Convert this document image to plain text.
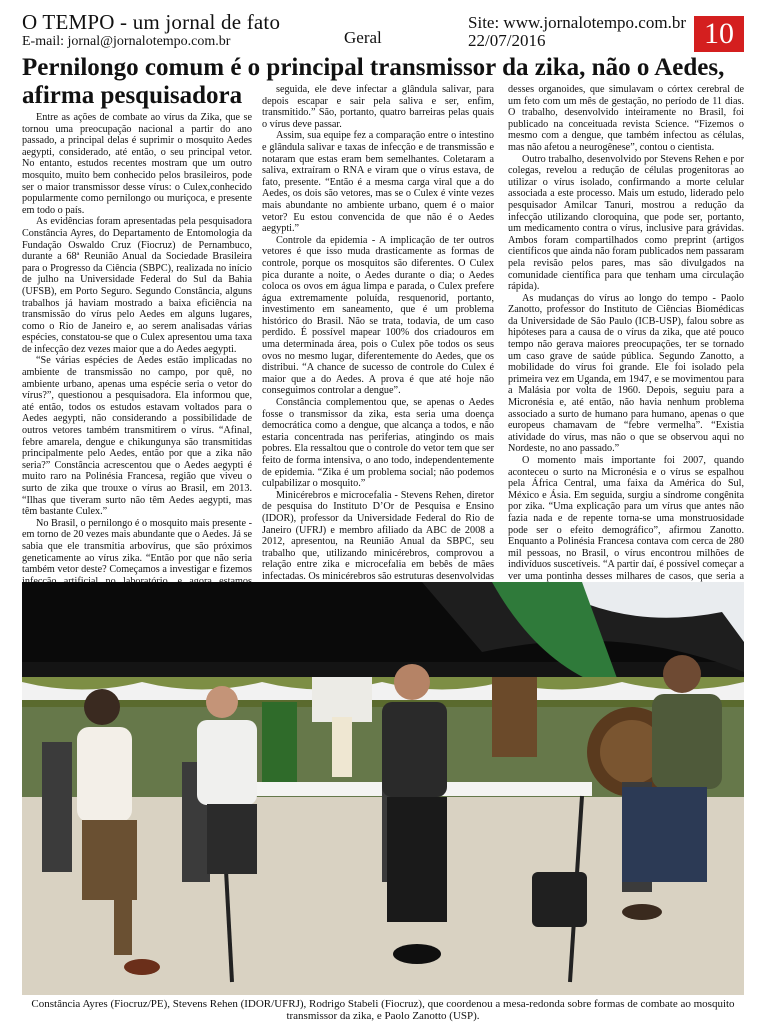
O TEMPO - um jornal de fato
E-mail: jornal@jornalotempo.com.br	Geral
Site: www.jornalotempo.com.br
22/07/2016	10
Pernilongo comum é o principal transmissor da zika, não o Aedes,
afirma pesquisadora

Entre as ações de combate ao vírus da Zika, que se tornou uma preocupação nacional a partir do ano passado, a principal delas é suprimir o mosquito Aedes aegypti, considerado, até então, o seu principal vetor. No entanto, estudos recentes mostram que um outro mosquito, muito bem conhecido pelos brasileiros, pode ser o maior transmissor desse vírus: o Culex,conhecido popularmente como pernilongo ou muriçoca, e presente em todo o país.

As evidências foram apresentadas pela pesquisadora Constância Ayres, do Departamento de Entomologia da Fundação Oswaldo Cruz (Fiocruz) de Pernambuco, durante a 68ª Reunião Anual da Sociedade Brasileira para o Progresso da Ciência (SBPC), realizada no início de julho na Universidade Federal do Sul da Bahia (UFSB), em Porto Seguro. Segundo Constância, alguns trabalhos já haviam mostrado a baixa eficiência na transmissão do vírus pelo Aedes em alguns lugares, como o Rio de Janeiro e, ao serem analisadas várias espécies, constatou-se que o Culex apresentou uma taxa de infecção dez vezes maior que a do Aedes aegypti.

“Se várias espécies de Aedes estão implicadas no ambiente de transmissão no campo, por quê, no ambiente urbano, apenas uma espécie seria o vetor do vírus?”, questionou a pesquisadora. Ela informou que, até então, todos os estudos estavam voltados para o Aedes aegypti, não considerando a possibilidade de outros vetores também transmitirem o vírus. “Afinal, febre amarela, dengue e chikungunya são transmitidas principalmente pelo Aedes, então por que a zika não seria?” Constância acrescentou que o Aedes aegypti é muito raro na Polinésia Francesa, região que viveu o surto de zika que trouxe o vírus ao Brasil, em 2013. “Ilhas que tiveram surto não têm Aedes aegypti, mas têm bastante Culex.”

No Brasil, o pernilongo é o mosquito mais presente - em torno de 20 vezes mais abundante que o Aedes. Já se sabia que ele transmitia arbovírus, que são próximos geneticamente ao vírus zika. “Então por que não seria também vetor deste? Começamos a investigar e fizemos

seguida, ele deve infectar a glândula salivar, para depois escapar e sair pela saliva e ser, enfim, transmitido.” São, portanto, quatro barreiras pelas quais o vírus deve passar.

Assim, sua equipe fez a comparação entre o intestino e glândula salivar e taxas de infecção e de transmissão e notaram que estas eram bem semelhantes. Coletaram a saliva, extraíram o RNA e viram que o vírus estava, de fato, presente. “Então é a mesma carga viral que a do Aedes, os dois são vetores, mas se o Culex é vinte vezes mais abundante no ambiente urbano, quem é o maior vetor? Eu estou convencida de que não é o Aedes aegypti.”

Controle da epidemia - A implicação de ter outros vetores é que isso muda drasticamente as formas de controle, porque os mosquitos são diferentes. O Culex pica durante a noite, o Aedes durante o dia; o Aedes coloca os ovos em água limpa e parada, o Culex prefere água extremamente poluída, resquenorid, portanto, investimento em saneamento, que é um problema histórico do Brasil. Não se trata, todavia, de um caso perdido. É possível mapear 100% dos criadouros em uma determinada área, pois o Culex põe todos os seus ovos no mesmo lugar, diferentemente do Aedes, que os distribui. “A chance de sucesso de controle do Culex é maior que a do Aedes. A prova é que até hoje não conseguimos controlar a dengue”.

Constância complementou que, se apenas o Aedes fosse o transmissor da zika, esta seria uma doença democrática como a dengue, que alcança a todos, e não estaria concentrada nas periferias, atingindo os mais pobres. Ela ressaltou que o controle do vetor tem que ser feito de forma intensiva, o ano todo, independentemente de epidemia. “Zika é um problema social; não podemos culpabilizar o mosquito.”

Minicérebros e microcefalia - Stevens Rehen, diretor de pesquisa do Instituto D’Or de Pesquisa e Ensino (IDOR), professor da Universidade Federal do Rio de Janeiro (UFRJ) e membro afiliado da ABC de 2008 a 2012, apresentou, na Reunião Anual da SBPC, seu trabalho que, utilizando minicérebros, comprovou a relação entre zika e microcefalia em bebês de mães infectadas. Os minicérebros são estruturas desenvolvidas

desses organoides, que simulavam o córtex cerebral de um feto com um mês de gestação, no período de 11 dias. O trabalho, desenvolvido inteiramente no Brasil, foi publicado na conceituada revista Science. “Fizemos o mesmo com a dengue, que também infectou as células, mas não afetou a neurogênese”, contou o cientista.

Outro trabalho, desenvolvido por Stevens Rehen e por colegas, revelou a redução de células progenitoras ao utilizar o vírus isolado, confirmando a morte celular associada a este processo. Mais um estudo, liderado pelo pesquisador Amilcar Tanuri, mostrou a redução da infecção utilizando cloroquina, que pode ser, portanto, um medicamento contra o vírus, inclusive para grávidas. Ambos foram compartilhados como preprint (artigos científicos que ainda não foram publicados nem passaram pela revisão pelos pares, mas são divulgados na comunidade científica para que tenham uma circulação rápida).

As mudanças do vírus ao longo do tempo - Paolo Zanotto, professor do Instituto de Ciências Biomédicas da Universidade de São Paulo (ICB-USP), falou sobre as hipóteses para a causa de o vírus da zika, que até pouco tempo não gerava maiores preocupações, ter se tornado um caso grave de saúde pública. Segundo Zanotto, a mobilidade do vírus foi grande. Ele foi isolado pela primeira vez em Uganda, em 1947, e se movimentou para a Malásia por volta de 1960. Depois, seguiu para a Micronésia e, até então, não havia nenhum problema associado a surto de humano para humano, apenas o que europeus chamavam de “febre vermelha”. “Existia atividade do vírus, mas não o que se observou aqui no Nordeste, no ano passado.”

O momento mais importante foi 2007, quando aconteceu o surto na Micronésia e o vírus se espalhou pela África Central, uma faixa da América do Sul, México e Ásia. Em seguida, surgiu a síndrome congênita por zika. “Uma explicação para um vírus que antes não fazia nada e de repente torna-se uma monstruosidade pode ser o efeito demográfico”, afirmou Zanotto. Enquanto a Polinésia Francesa contava com cerca de 280 mil pessoas, no Brasil, o vírus encontrou milhões de indivíduos suscetíveis. “A partir daí, é possível começar a ver uma pontinha desses milhares de casos, que seria a

Constância Ayres (Fiocruz/PE), Stevens Rehen (IDOR/UFRJ), Rodrigo Stabeli (Fiocruz), que coordenou a mesa-redonda sobre formas de combate ao mosquito transmissor da zika, e Paolo Zanotto (USP).
